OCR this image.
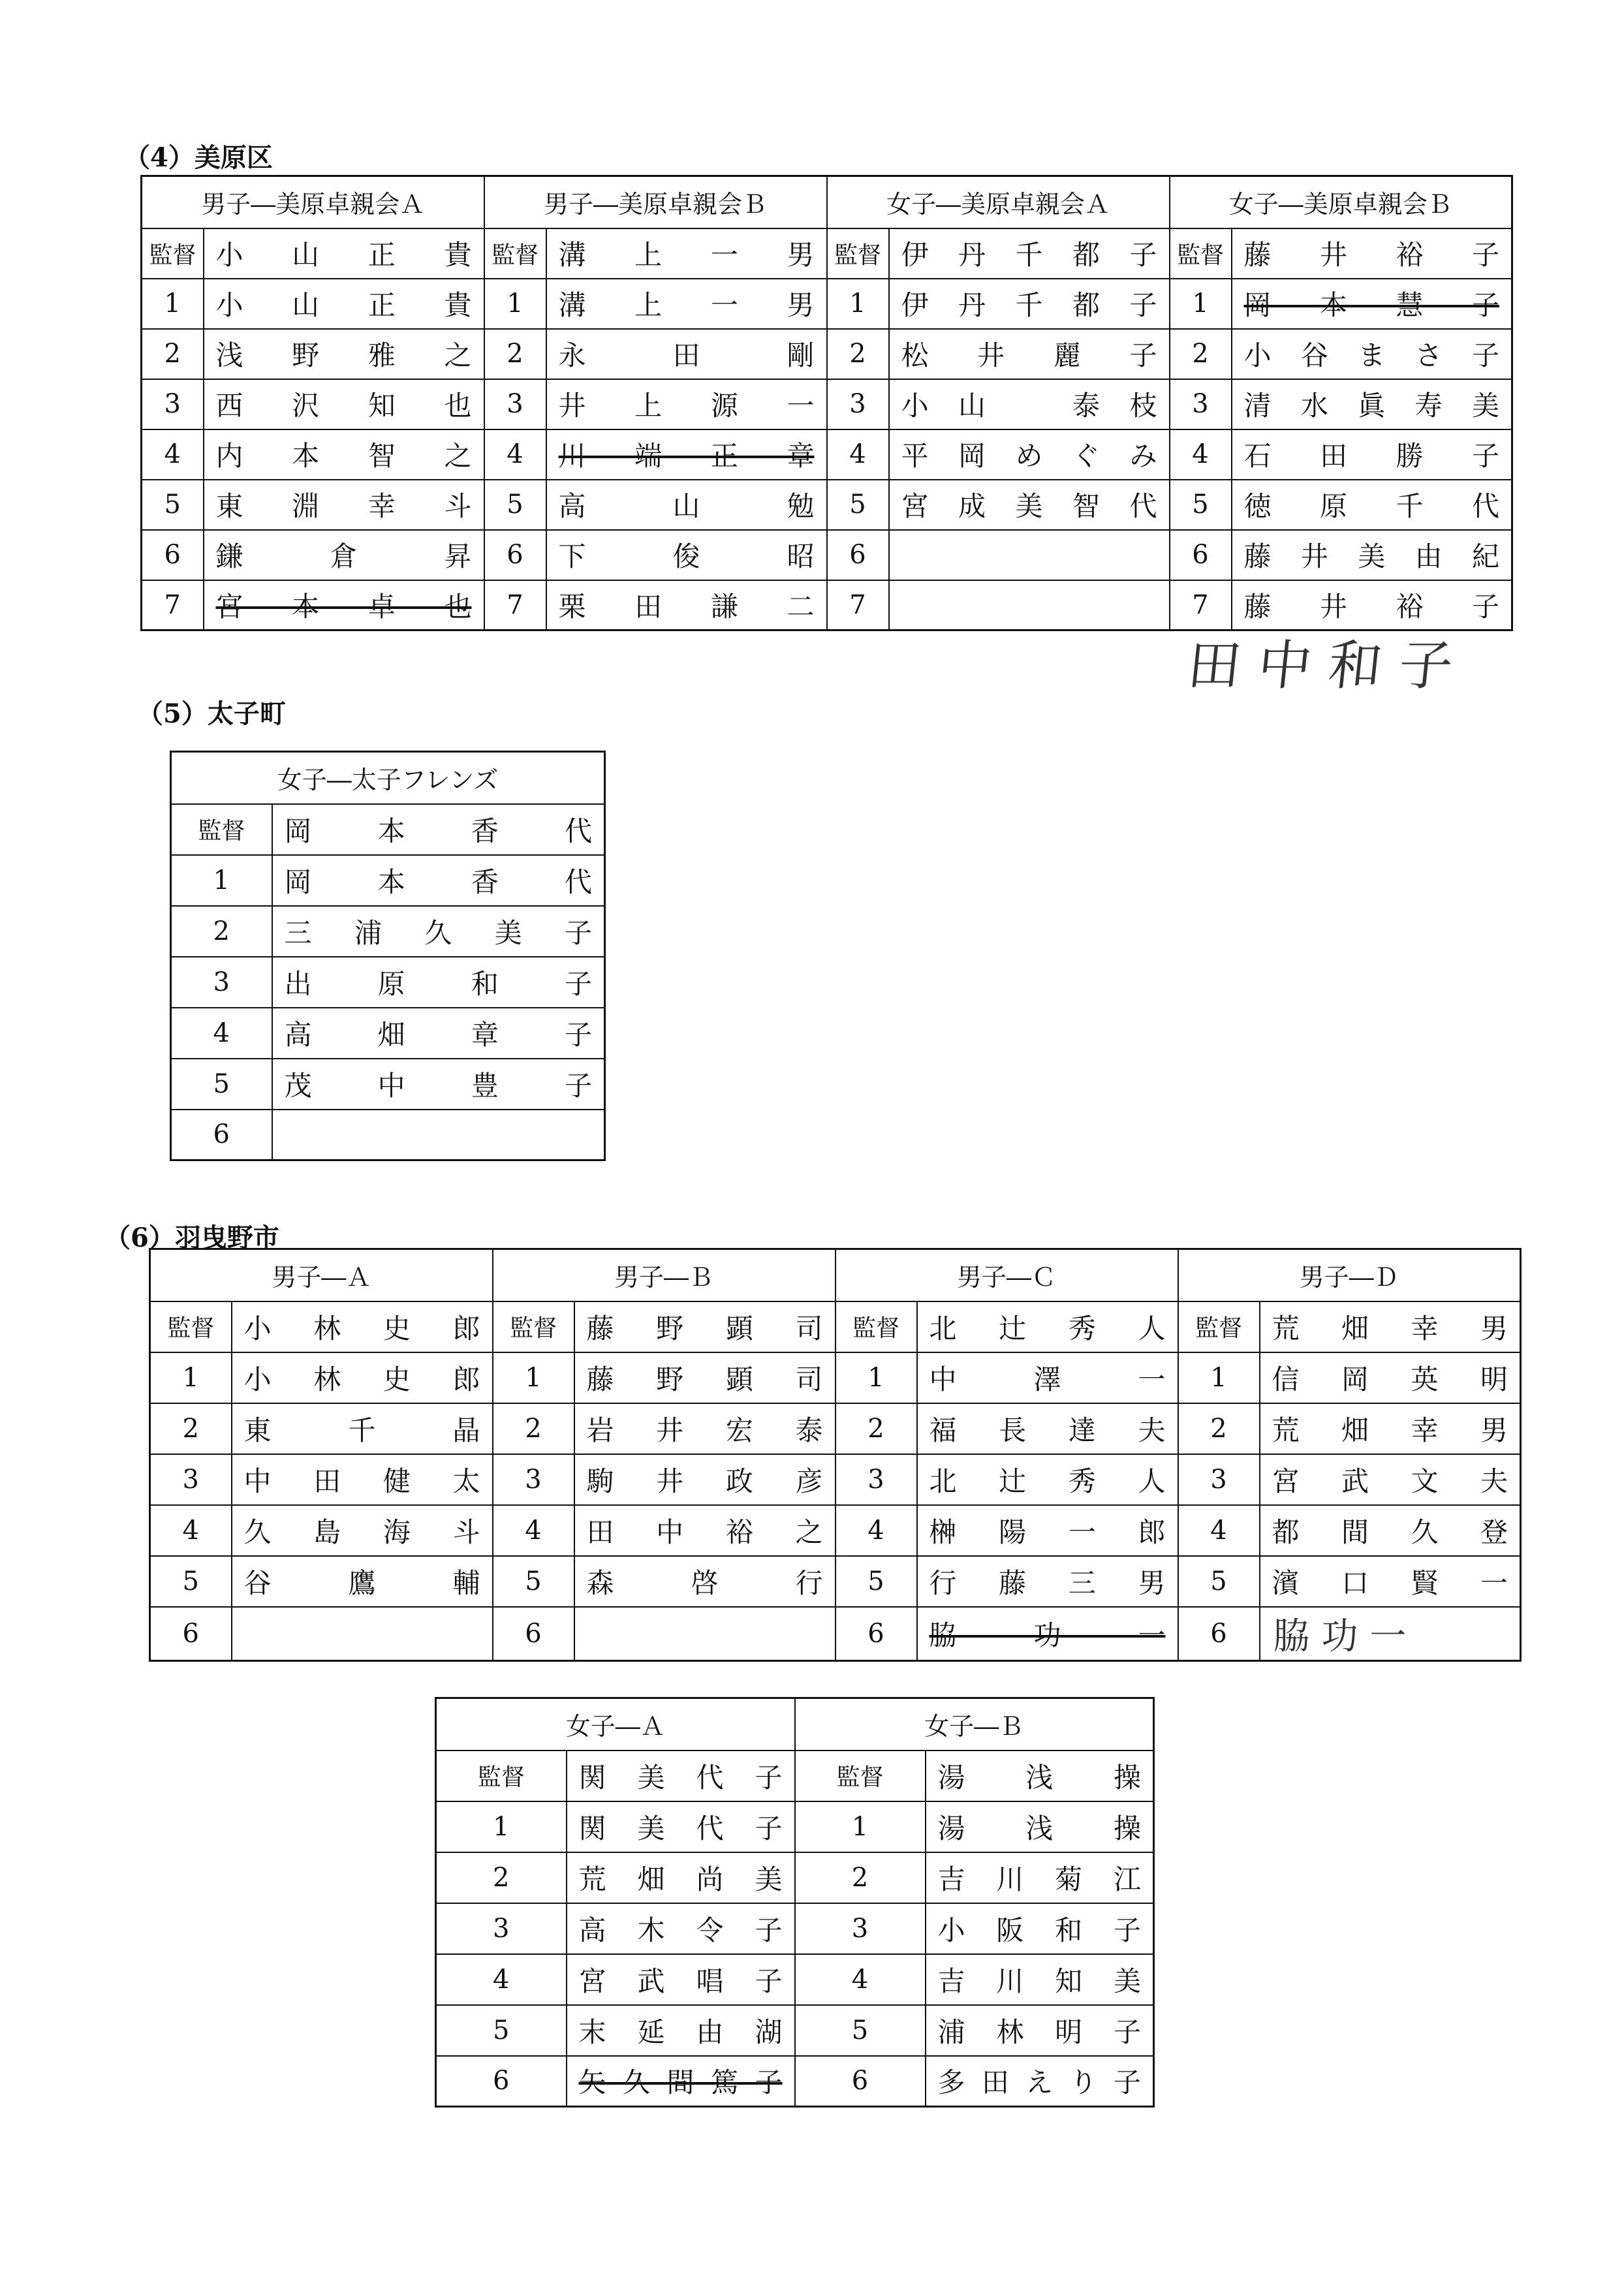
（4）美原区
（5）太子町
（6）羽曳野市
男子―美原卓親会Ａ		男子―美原卓親会Ｂ		女子―美原卓親会Ａ		女子―美原卓親会Ｂ	
監督	小山正貴	監督	溝上一男	監督	伊丹千都子	監督	藤井裕子
1	小山正貴	1	溝上一男	1	伊丹千都子	1	岡本慧子
2	浅野雅之	2	永田剛	2	松井麗子	2	小谷まさ子
3	西沢知也	3	井上源一	3	小山　泰枝	3	清水眞寿美
4	内本智之	4	川端正章	4	平岡めぐみ	4	石田勝子
5	東淵幸斗	5	高山勉	5	宮成美智代	5	徳原千代
6	鎌倉昇	6	下俊昭	6		6	藤井美由紀
7	宮本卓也	7	栗田謙二	7		7	藤井裕子
田中和子
女子―太子フレンズ	
監督	岡本香代
1	岡本香代
2	三浦久美子
3	出原和子
4	高畑章子
5	茂中豊子
6	
男子―Ａ		男子―Ｂ		男子―Ｃ		男子―Ｄ	
監督	小林史郎	監督	藤野顕司	監督	北辻秀人	監督	荒畑幸男
1	小林史郎	1	藤野顕司	1	中澤一	1	信岡英明
2	東千晶	2	岩井宏泰	2	福長達夫	2	荒畑幸男
3	中田健太	3	駒井政彦	3	北辻秀人	3	宮武文夫
4	久島海斗	4	田中裕之	4	榊陽一郎	4	都間久登
5	谷鷹輔	5	森啓行	5	行藤三男	5	濱口賢一
6		6		6	脇功一	6	脇功一
女子―Ａ		女子―Ｂ	
監督	関美代子	監督	湯浅操
1	関美代子	1	湯浅操
2	荒畑尚美	2	吉川菊江
3	高木令子	3	小阪和子
4	宮武唱子	4	吉川知美
5	末延由湖	5	浦林明子
6	矢久間篤子	6	多田えり子
